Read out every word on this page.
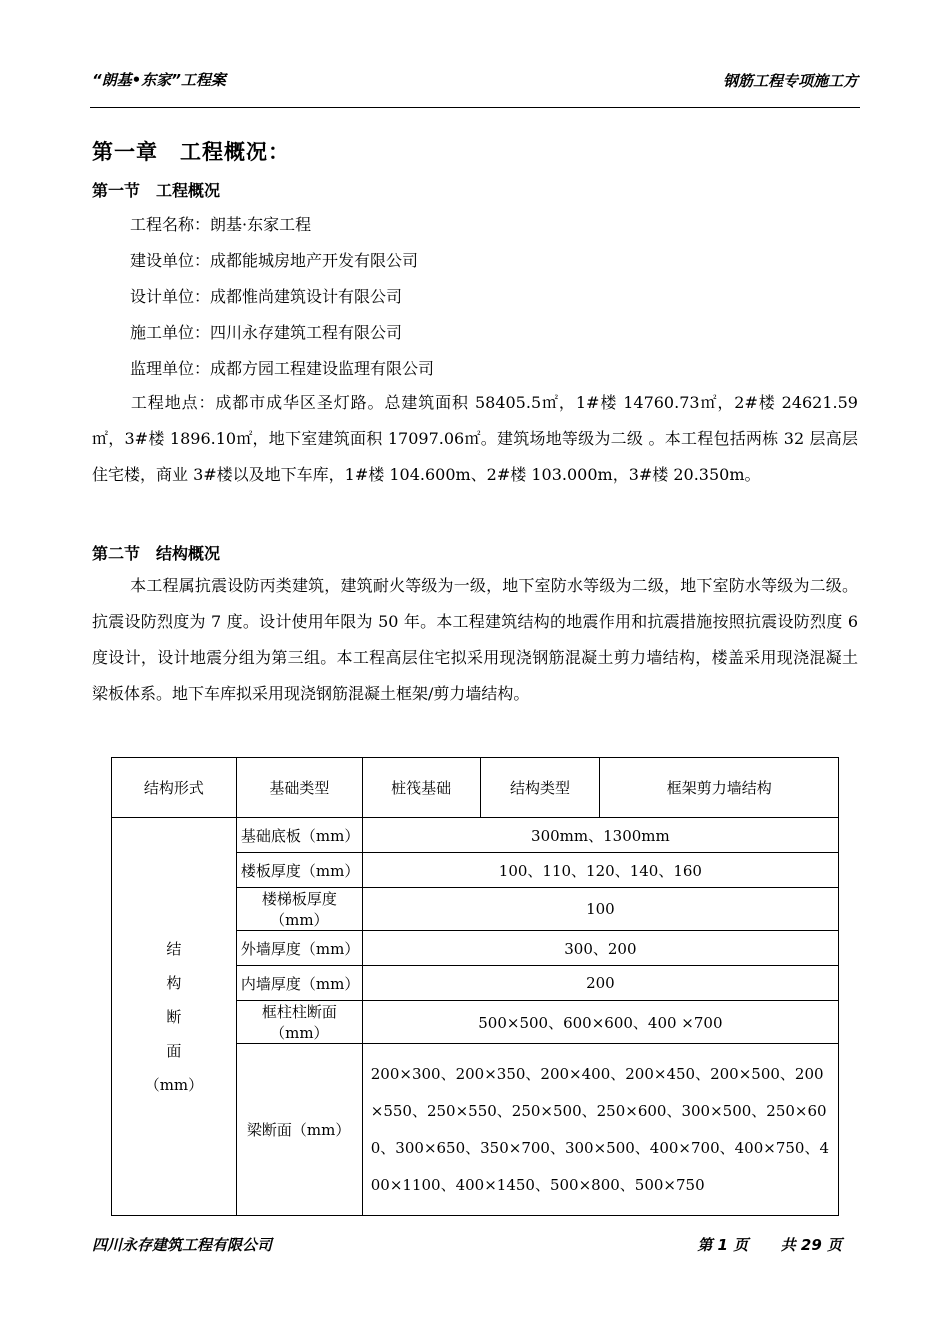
“朗基•东家”工程案	钢筋工程专项施工方
第一章　工程概况：
第一节　工程概况
工程名称：朗基·东家工程
建设单位：成都能城房地产开发有限公司
设计单位：成都惟尚建筑设计有限公司
施工单位：四川永存建筑工程有限公司
监理单位：成都方园工程建设监理有限公司
工程地点：成都市成华区圣灯路。总建筑面积 58405.5㎡，1#楼 14760.73㎡，2#楼 24621.59㎡，3#楼 1896.10㎡，地下室建筑面积 17097.06㎡。建筑场地等级为二级 。本工程包括两栋 32 层高层住宅楼，商业 3#楼以及地下车库，1#楼 104.600m、2#楼 103.000m，3#楼 20.350m。
第二节　结构概况
本工程属抗震设防丙类建筑，建筑耐火等级为一级，地下室防水等级为二级，地下室防水等级为二级。抗震设防烈度为 7 度。设计使用年限为 50 年。本工程建筑结构的地震作用和抗震措施按照抗震设防烈度 6 度设计，设计地震分组为第三组。本工程高层住宅拟采用现浇钢筋混凝土剪力墙结构，楼盖采用现浇混凝土梁板体系。地下车库拟采用现浇钢筋混凝土框架/剪力墙结构。
结构形式	基础类型	桩筏基础	结构类型	框架剪力墙结构

结
构
断
面
（mm）	基础底板（mm）	300mm、1300mm		
	楼板厚度（mm）	100、110、120、140、160		
	楼梯板厚度（mm）	100		
	外墙厚度（mm）	300、200		
	内墙厚度（mm）	200		
	框柱柱断面（mm）	500×500、600×600、400 ×700		
	梁断面（mm）	200×300、200×350、200×400、200×450、200×500、200×550、250×550、250×500、250×600、300×500、250×600、300×650、350×700、300×500、400×700、400×750、400×1100、400×1450、500×800、500×750		
四川永存建筑工程有限公司	第 1 页 共 29 页
